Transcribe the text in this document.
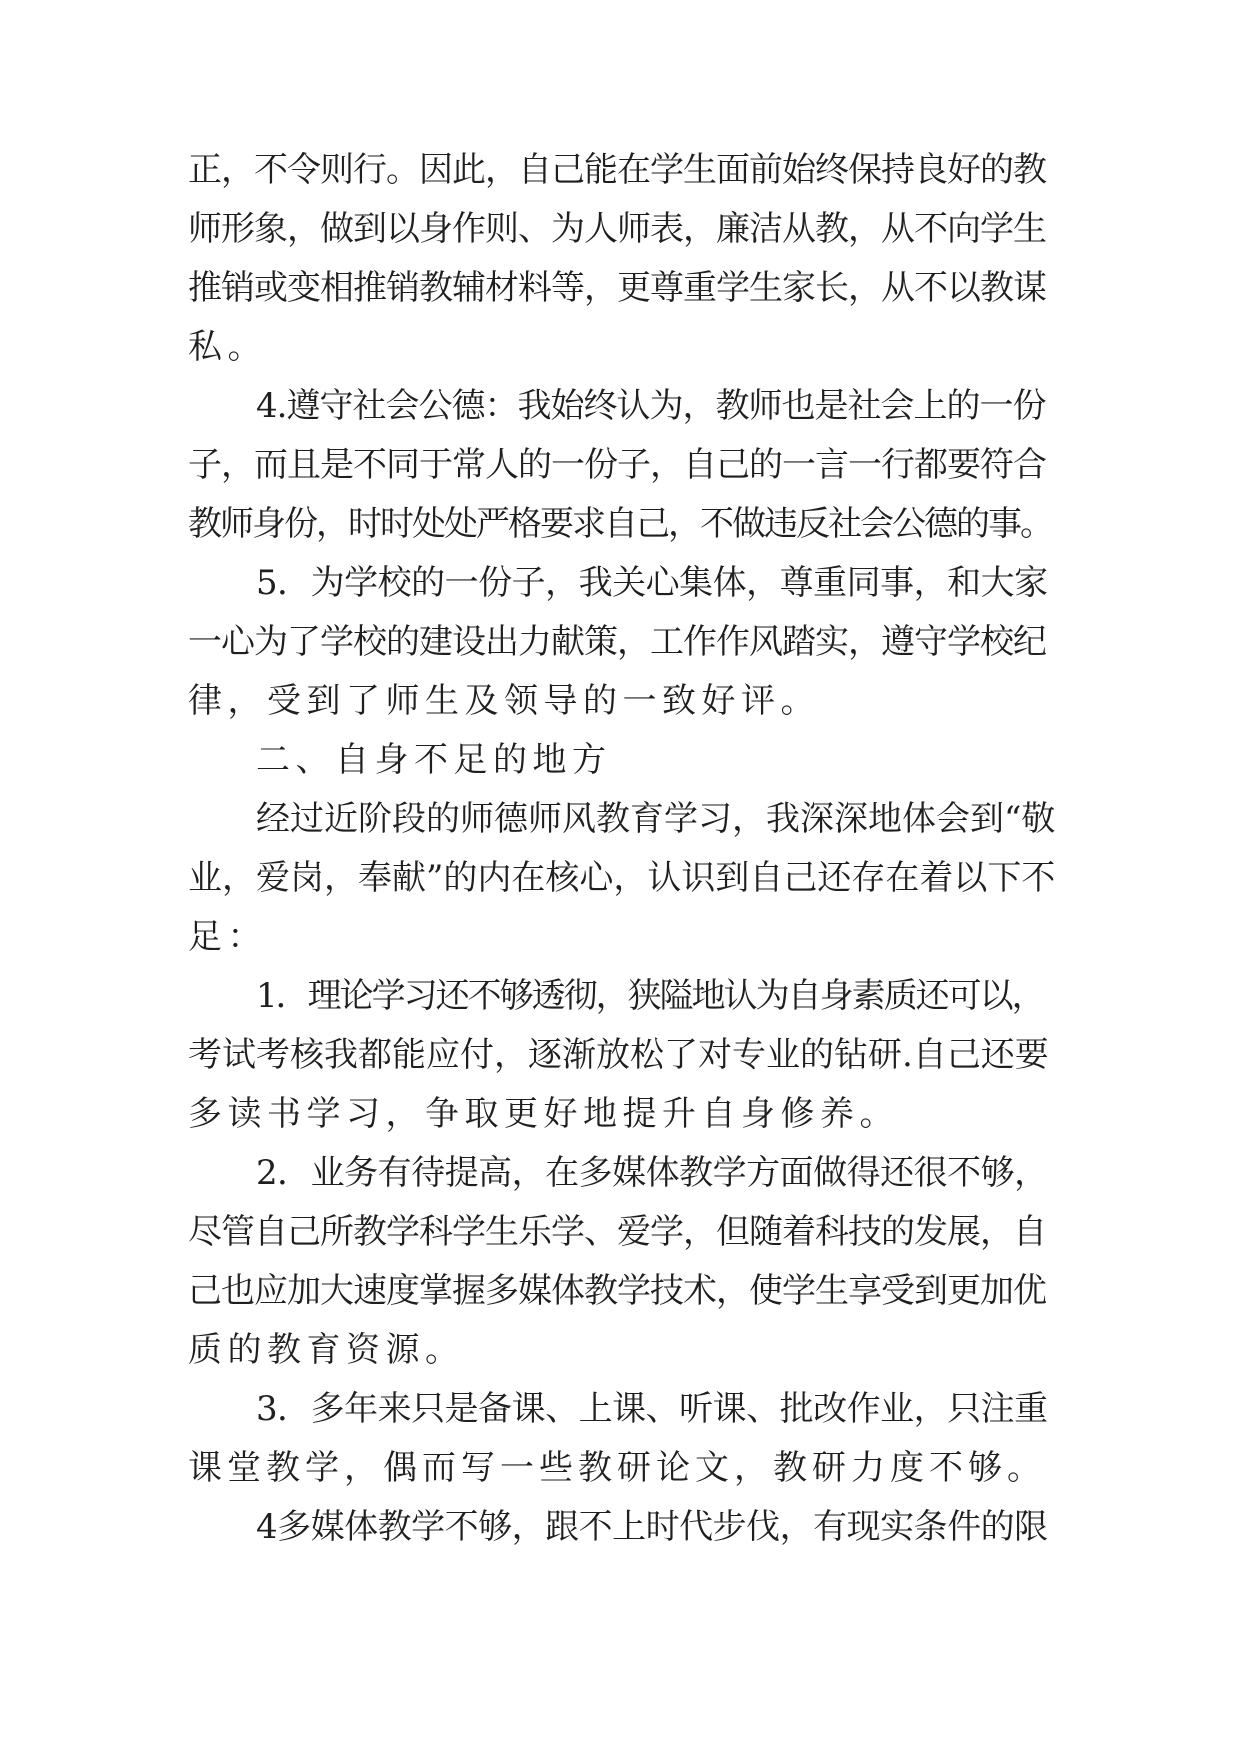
正，不令则行。因此，自己能在学生面前始终保持良好的教
师形象，做到以身作则、为人师表，廉洁从教，从不向学生
推销或变相推销教辅材料等，更尊重学生家长，从不以教谋
私。
4.遵守社会公德：我始终认为，教师也是社会上的一份
子，而且是不同于常人的一份子，自己的一言一行都要符合
教师身份，时时处处严格要求自己，不做违反社会公德的事。
5．为学校的一份子，我关心集体，尊重同事，和大家
一心为了学校的建设出力献策，工作作风踏实，遵守学校纪
律，受到了师生及领导的一致好评。
二、自身不足的地方
经过近阶段的师德师风教育学习，我深深地体会到“敬
业，爱岗，奉献”的内在核心，认识到自己还存在着以下不
足：
1．理论学习还不够透彻，狭隘地认为自身素质还可以，
考试考核我都能应付，逐渐放松了对专业的钻研.自己还要
多读书学习，争取更好地提升自身修养。
2．业务有待提高，在多媒体教学方面做得还很不够，
尽管自己所教学科学生乐学、爱学，但随着科技的发展，自
己也应加大速度掌握多媒体教学技术，使学生享受到更加优
质的教育资源。
3．多年来只是备课、上课、听课、批改作业，只注重
课堂教学，偶而写一些教研论文，教研力度不够。
4多媒体教学不够，跟不上时代步伐，有现实条件的限
